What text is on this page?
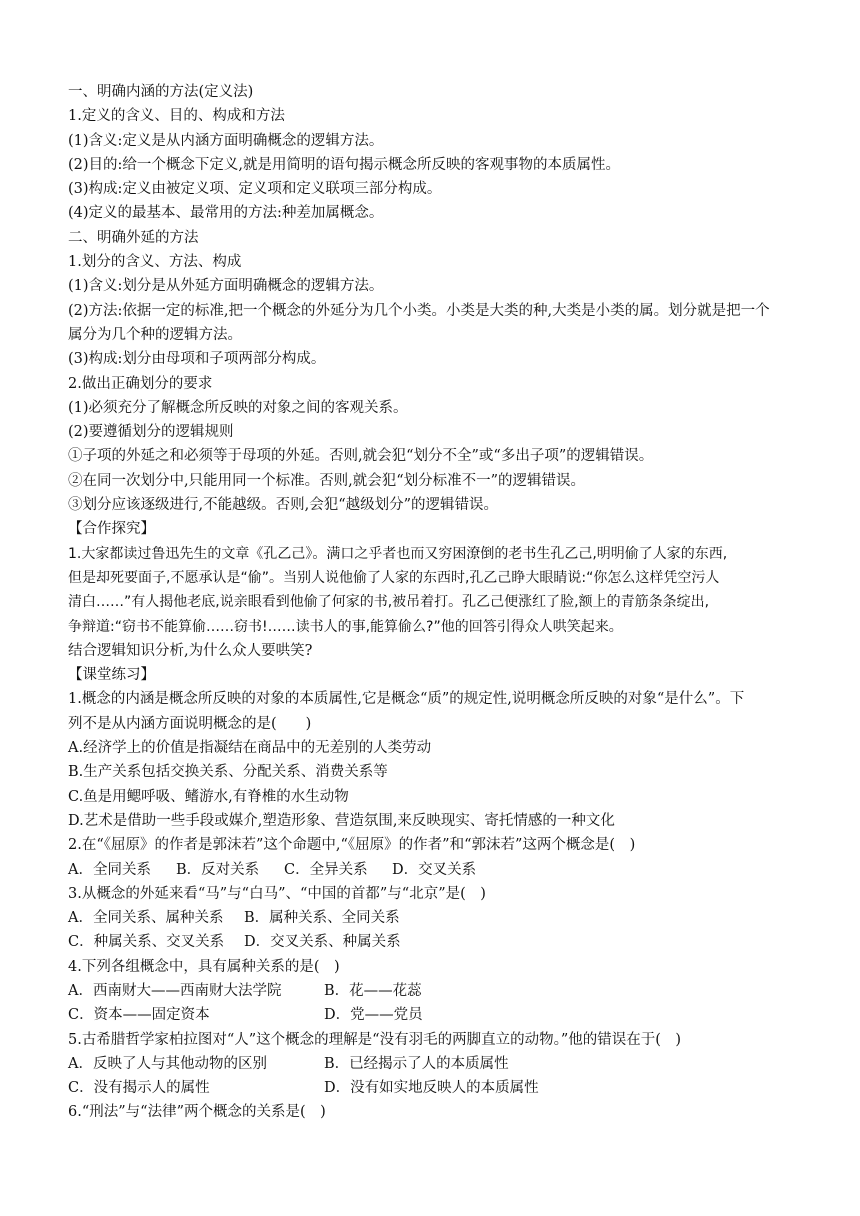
一、明确内涵的方法(定义法)
1.定义的含义、目的、构成和方法
(1)含义:定义是从内涵方面明确概念的逻辑方法。
(2)目的:给一个概念下定义,就是用简明的语句揭示概念所反映的客观事物的本质属性。
(3)构成:定义由被定义项、定义项和定义联项三部分构成。
(4)定义的最基本、最常用的方法:种差加属概念。
二、明确外延的方法
1.划分的含义、方法、构成
(1)含义:划分是从外延方面明确概念的逻辑方法。
(2)方法:依据一定的标准,把一个概念的外延分为几个小类。小类是大类的种,大类是小类的属。划分就是把一个
属分为几个种的逻辑方法。
(3)构成:划分由母项和子项两部分构成。
2.做出正确划分的要求
(1)必须充分了解概念所反映的对象之间的客观关系。
(2)要遵循划分的逻辑规则
①子项的外延之和必须等于母项的外延。否则,就会犯“划分不全”或“多出子项”的逻辑错误。
②在同一次划分中,只能用同一个标准。否则,就会犯“划分标准不一”的逻辑错误。
③划分应该逐级进行,不能越级。否则,会犯“越级划分”的逻辑错误。
【合作探究】
1.大家都读过鲁迅先生的文章《孔乙己》。满口之乎者也而又穷困潦倒的老书生孔乙己,明明偷了人家的东西,
但是却死要面子,不愿承认是“偷”。当别人说他偷了人家的东西时,孔乙己睁大眼睛说:“你怎么这样凭空污人
清白……”有人揭他老底,说亲眼看到他偷了何家的书,被吊着打。孔乙己便涨红了脸,额上的青筋条条绽出,
争辩道:“窃书不能算偷……窃书!……读书人的事,能算偷么?”他的回答引得众人哄笑起来。
结合逻辑知识分析,为什么众人要哄笑?
【课堂练习】
1.概念的内涵是概念所反映的对象的本质属性,它是概念“质”的规定性,说明概念所反映的对象“是什么”。下
列不是从内涵方面说明概念的是(　　)
A.经济学上的价值是指凝结在商品中的无差别的人类劳动
B.生产关系包括交换关系、分配关系、消费关系等
C.鱼是用鳃呼吸、鳍游水,有脊椎的水生动物
D.艺术是借助一些手段或媒介,塑造形象、营造氛围,来反映现实、寄托情感的一种文化
2.在“《屈原》的作者是郭沫若”这个命题中,“《屈原》的作者”和“郭沫若”这两个概念是(　)
A．全同关系	B．反对关系	C．全异关系	D．交叉关系
3.从概念的外延来看“马”与“白马”、“中国的首都”与“北京”是(　)
A．全同关系、属种关系	B．属种关系、全同关系
C．种属关系、交叉关系	D．交叉关系、种属关系
4.下列各组概念中，具有属种关系的是(　)
A．西南财大——西南财大法学院	B．花——花蕊
C．资本——固定资本	D．党——党员
5.古希腊哲学家柏拉图对“人”这个概念的理解是“没有羽毛的两脚直立的动物。”他的错误在于(　)
A．反映了人与其他动物的区别	B．已经揭示了人的本质属性
C．没有揭示人的属性	D．没有如实地反映人的本质属性
6.“刑法”与“法律”两个概念的关系是(　)
